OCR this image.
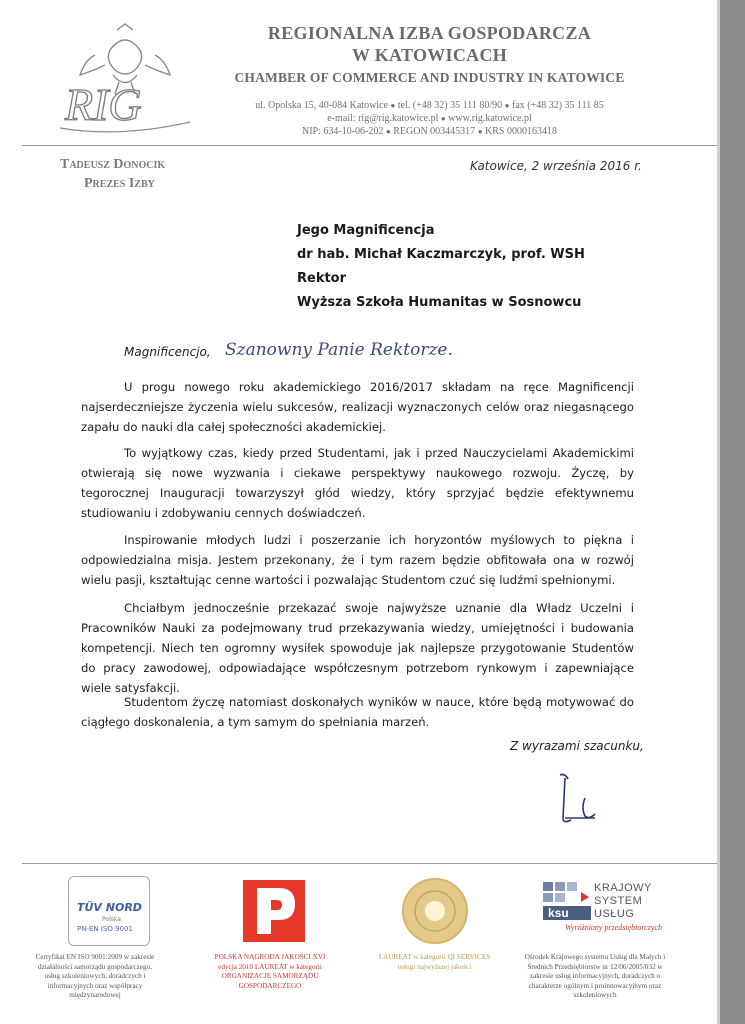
RIG
REGIONALNA IZBA GOSPODARCZA
W KATOWICACH
CHAMBER OF COMMERCE AND INDUSTRY IN KATOWICE
ul. Opolska 15, 40-084 Katowice ● tel. (+48 32) 35 111 80/90 ● fax (+48 32) 35 111 85
e-mail: rig@rig.katowice.pl ● www.rig.katowice.pl
NIP: 634-10-06-202 ● REGON 003445317 ● KRS 0000163418
Tadeusz Donocik
Prezes Izby
Katowice, 2 września 2016 r.
Jego Magnificencja
dr hab. Michał Kaczmarczyk, prof. WSH
Rektor
Wyższa Szkoła Humanitas w Sosnowcu
Magnificencjo, Szanowny Panie Rektorze.

U progu nowego roku akademickiego 2016/2017 składam na ręce Magnificencji najserdeczniejsze życzenia wielu sukcesów, realizacji wyznaczonych celów oraz niegasnącego zapału do nauki dla całej społeczności akademickiej.

To wyjątkowy czas, kiedy przed Studentami, jak i przed Nauczycielami Akademickimi otwierają się nowe wyzwania i ciekawe perspektywy naukowego rozwoju. Życzę, by tegorocznej Inauguracji towarzyszył głód wiedzy, który sprzyjać będzie efektywnemu studiowaniu i zdobywaniu cennych doświadczeń.

Inspirowanie młodych ludzi i poszerzanie ich horyzontów myślowych to piękna i odpowiedzialna misja. Jestem przekonany, że i tym razem będzie obfitowała ona w rozwój wielu pasji, kształtując cenne wartości i pozwalając Studentom czuć się ludźmi spełnionymi.

Chciałbym jednocześnie przekazać swoje najwyższe uznanie dla Władz Uczelni i Pracowników Nauki za podejmowany trud przekazywania wiedzy, umiejętności i budowania kompetencji. Niech ten ogromny wysiłek spowoduje jak najlepsze przygotowanie Studentów do pracy zawodowej, odpowiadające współczesnym potrzebom rynkowym i zapewniające wiele satysfakcji.

Studentom życzę natomiast doskonałych wyników w nauce, które będą motywować do ciągłego doskonalenia, a tym samym do spełniania marzeń.

Z wyrazami szacunku,
TÜV NORD
Polska
PN-EN ISO 9001
Certyfikat EN ISO 9001:2009 w zakresie działalności samorządu gospodarczego, usług szkoleniowych, doradczych i informacyjnych oraz współpracy międzynarodowej
POLSKA NAGRODA JAKOŚCI XVI edycja 2010 LAUREAT w kategorii ORGANIZACJE SAMORZĄDU GOSPODARCZEGO
LAUREAT w kategorii QI SERVICES usługi najwyższej jakości
ksu
KRAJOWY
SYSTEM
USŁUG
Wyróżniony przedsiębiorczych
Ośrodek Krajowego systemu Usług dla Małych i Średnich Przedsiębiorstw nr 12/06/2005/032 w zakresie usług informacyjnych, doradczych o charakterze ogólnym i proinnowacyjnym oraz szkoleniowych
